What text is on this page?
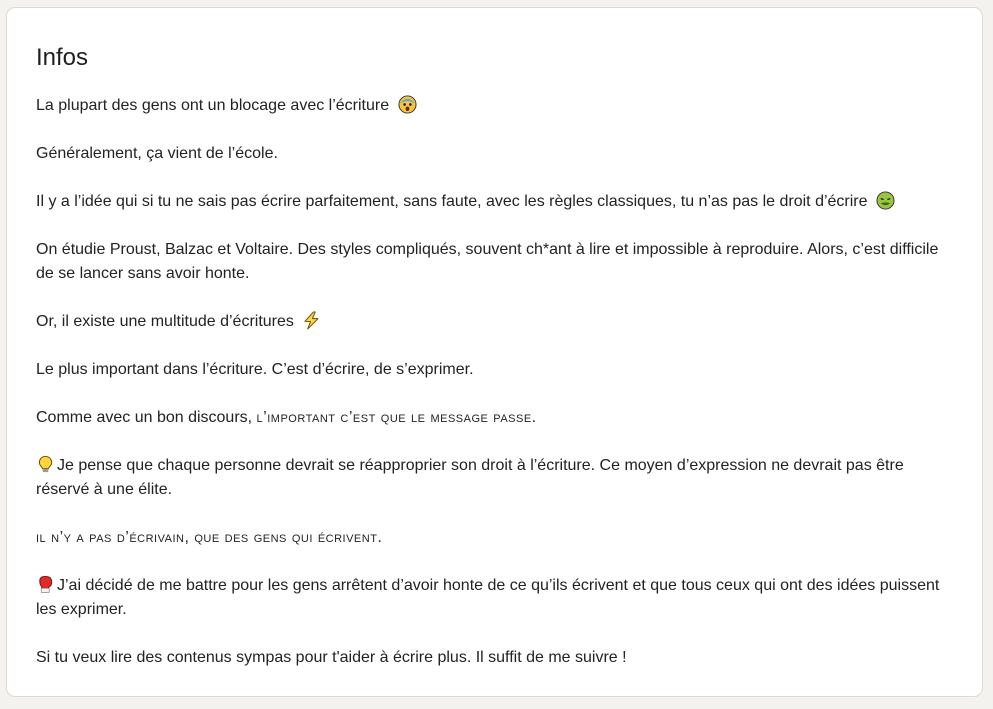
Infos

La plupart des gens ont un blocage avec l’écriture

Généralement, ça vient de l’école.

Il y a l’idée qui si tu ne sais pas écrire parfaitement, sans faute, avec les règles classiques, tu n’as pas le droit d’écrire

On étudie Proust, Balzac et Voltaire. Des styles compliqués, souvent ch*ant à lire et impossible à reproduire. Alors, c’est difficile de se lancer sans avoir honte.

Or, il existe une multitude d’écritures

Le plus important dans l’écriture. C’est d’écrire, de s’exprimer.

Comme avec un bon discours, l’important c’est que le message passe.

Je pense que chaque personne devrait se réapproprier son droit à l’écriture. Ce moyen d’expression ne devrait pas être réservé à une élite.

il n’y a pas d’écrivain, que des gens qui écrivent.

J’ai décidé de me battre pour les gens arrêtent d’avoir honte de ce qu’ils écrivent et que tous ceux qui ont des idées puissent les exprimer.

Si tu veux lire des contenus sympas pour t'aider à écrire plus. Il suffit de me suivre !
